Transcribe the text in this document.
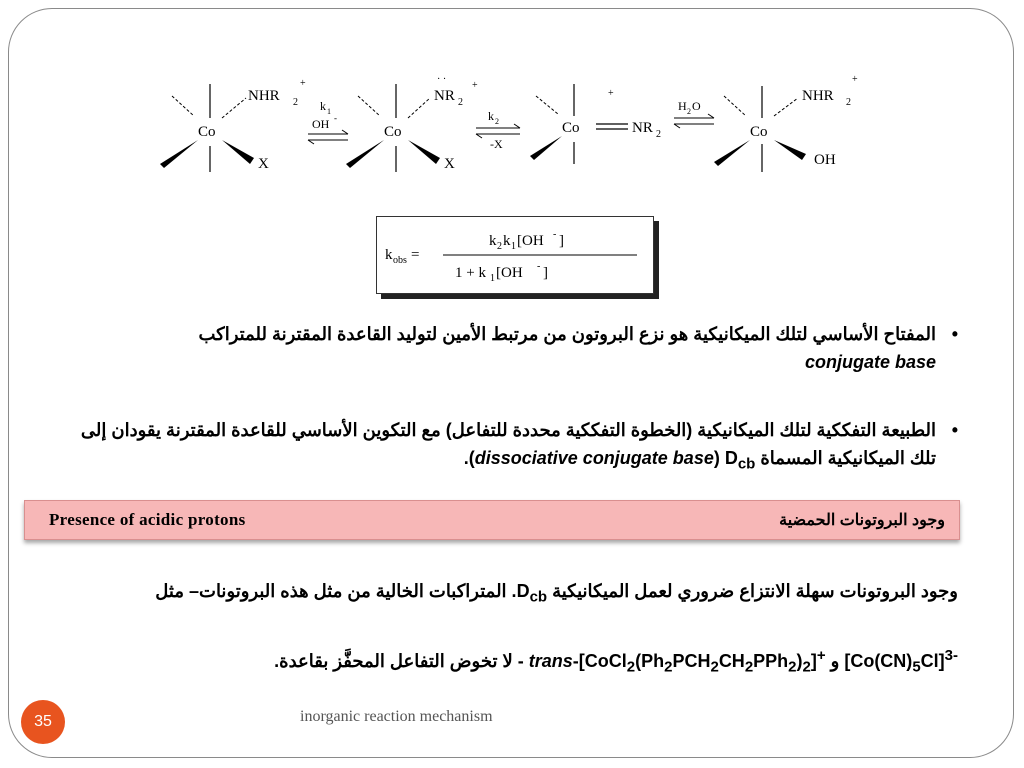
Co
NHR 2
+
X
k 1
OH -
Co
· ·
NR 2
+
X
k 2
-X
Co
+
NR 2
H 2 O
Co
NHR 2
+
OH
k obs =
k 2 k 1 [OH - ]
1 + k 1 [OH - ]
•
المفتاح الأساسي لتلك الميكانيكية هو نزع البروتون من مرتبط الأمين لتوليد القاعدة المقترنة للمتراكب
conjugate base
•
الطبيعة التفككية لتلك الميكانيكية (الخطوة التفككية محددة للتفاعل) مع التكوين الأساسي للقاعدة المقترنة يقودان إلى تلك الميكانيكية المسماة $D_{cb}$ (dissociative conjugate base).
Presence of acidic protons	وجود البروتونات الحمضية
وجود البروتونات سهلة الانتزاع ضروري لعمل الميكانيكية $D_{cb}$. المتراكبات الخالية من مثل هذه البروتونات– مثل
$[Co(CN)_5Cl]^{3-}$ و trans-$[CoCl_2(Ph_2PCH_2CH_2PPh_2)_2]^+$ - لا تخوض التفاعل المحفَّز بقاعدة.
35	inorganic reaction mechanism
